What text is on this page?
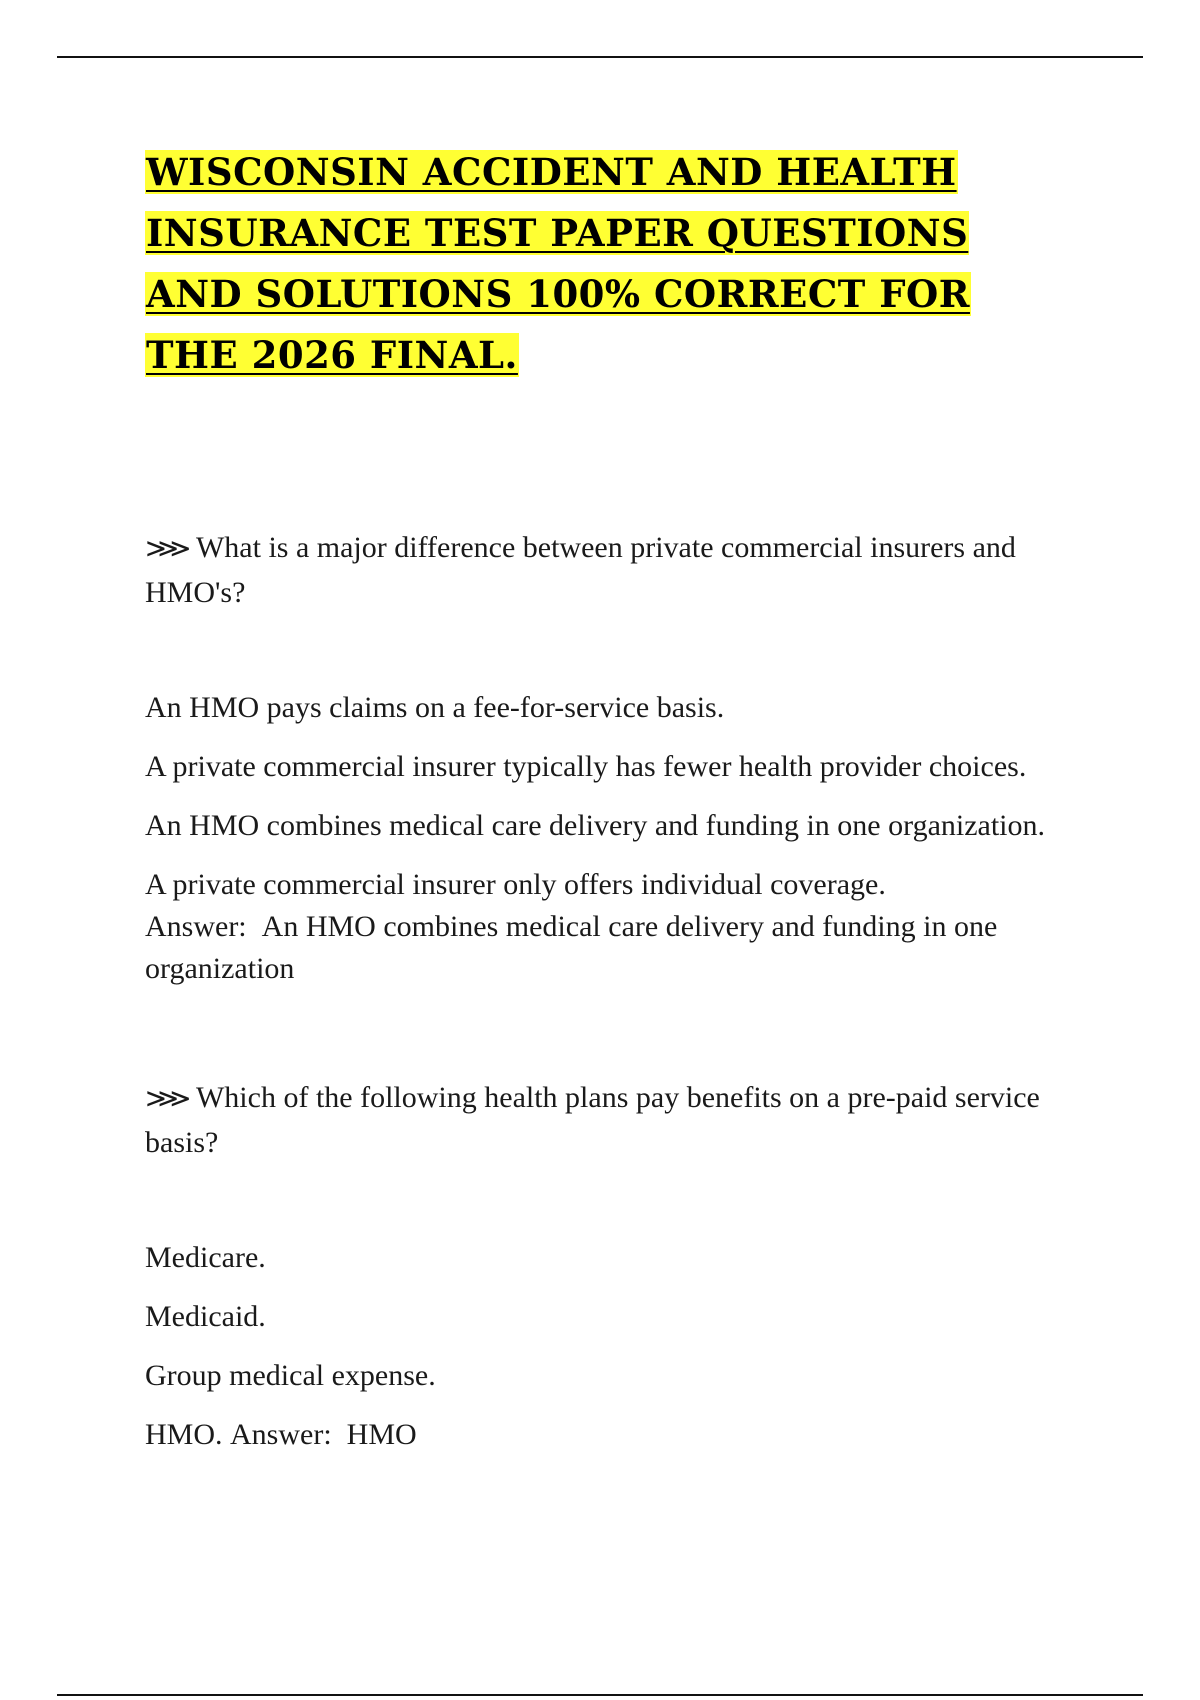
WISCONSIN ACCIDENT AND HEALTH INSURANCE TEST PAPER QUESTIONS AND SOLUTIONS 100% CORRECT FOR THE 2026 FINAL.

⋙ What is a major difference between private commercial insurers and HMO's?

An HMO pays claims on a fee-for-service basis.
A private commercial insurer typically has fewer health provider choices.
An HMO combines medical care delivery and funding in one organization.
A private commercial insurer only offers individual coverage.

Answer: An HMO combines medical care delivery and funding in one organization

⋙ Which of the following health plans pay benefits on a pre-paid service basis?

Medicare.
Medicaid.
Group medical expense.
HMO. Answer: HMO
